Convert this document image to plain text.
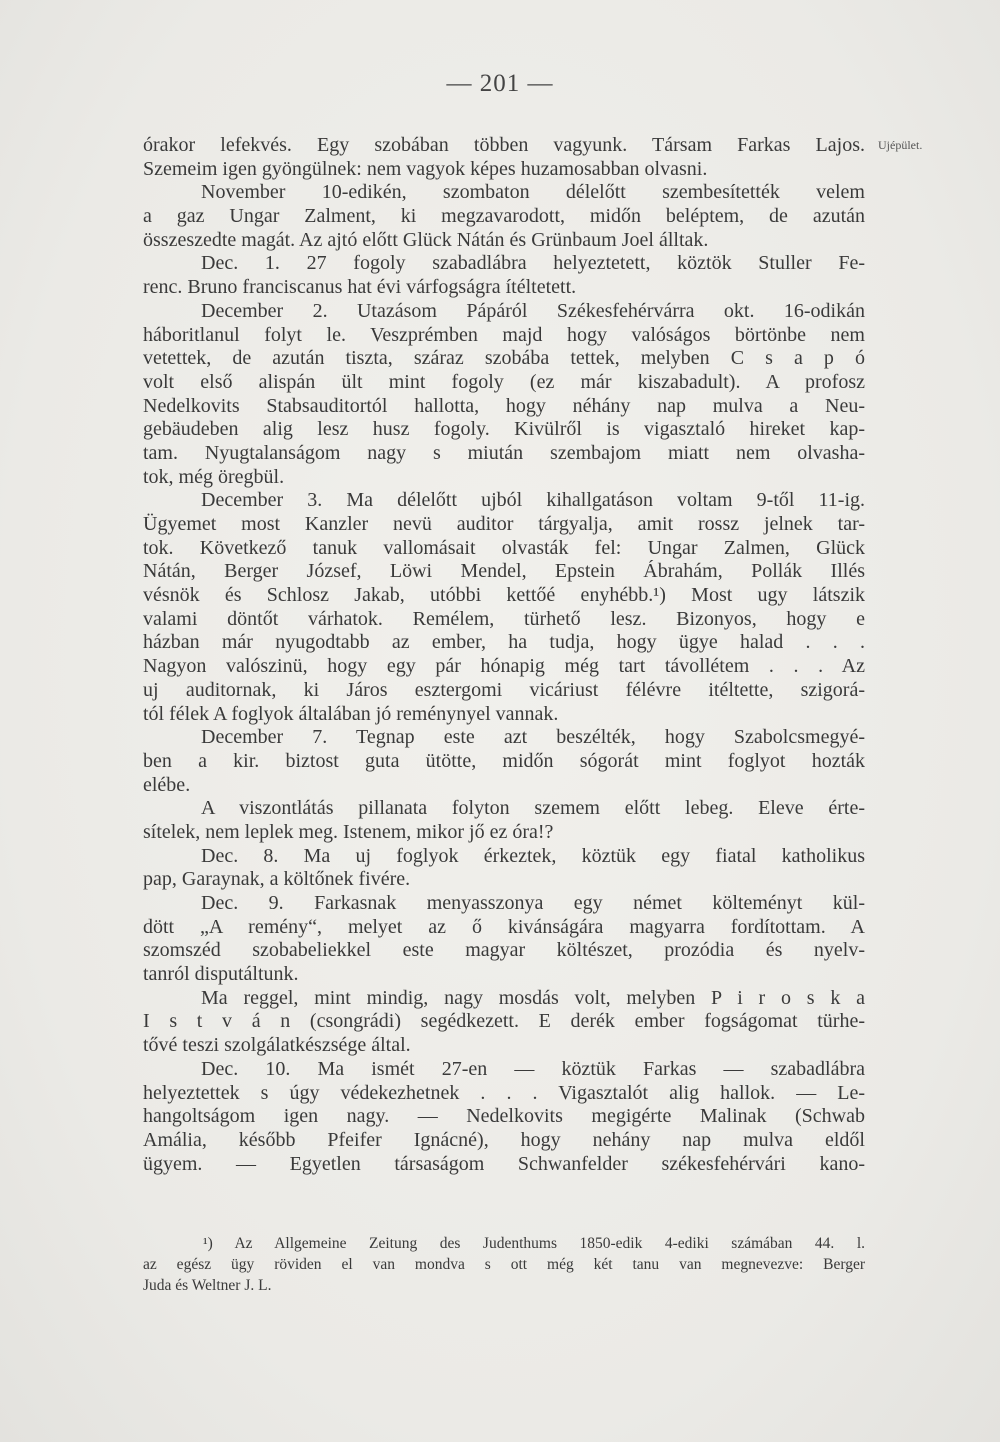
— 201 —
Ujépület.
órakor lefekvés. Egy szobában többen vagyunk. Társam Farkas Lajos.
Szemeim igen gyöngülnek: nem vagyok képes huzamosabban olvasni.
November 10-edikén, szombaton délelőtt szembesítették velem
a gaz Ungar Zalment, ki megzavarodott, midőn beléptem, de azután
összeszedte magát. Az ajtó előtt Glück Nátán és Grünbaum Joel álltak.
Dec. 1. 27 fogoly szabadlábra helyeztetett, köztök Stuller Fe-
renc. Bruno franciscanus hat évi várfogságra ítéltetett.
December 2. Utazásom Pápáról Székesfehérvárra okt. 16-odikán
háboritlanul folyt le. Veszprémben majd hogy valóságos börtönbe nem
vetettek, de azután tiszta, száraz szobába tettek, melyben C s a p ó
volt első alispán ült mint fogoly (ez már kiszabadult). A profosz
Nedelkovits Stabsauditortól hallotta, hogy néhány nap mulva a Neu-
gebäudeben alig lesz husz fogoly. Kivülről is vigasztaló hireket kap-
tam. Nyugtalanságom nagy s miután szembajom miatt nem olvasha-
tok, még öregbül.
December 3. Ma délelőtt ujból kihallgatáson voltam 9-től 11-ig.
Ügyemet most Kanzler nevü auditor tárgyalja, amit rossz jelnek tar-
tok. Következő tanuk vallomásait olvasták fel: Ungar Zalmen, Glück
Nátán, Berger József, Löwi Mendel, Epstein Ábrahám, Pollák Illés
vésnök és Schlosz Jakab, utóbbi kettőé enyhébb.¹) Most ugy látszik
valami döntőt várhatok. Remélem, türhető lesz. Bizonyos, hogy e
házban már nyugodtabb az ember, ha tudja, hogy ügye halad . . .
Nagyon valószinü, hogy egy pár hónapig még tart távollétem . . . Az
uj auditornak, ki Járos esztergomi vicáriust félévre itéltette, szigorá-
tól félek A foglyok általában jó reménynyel vannak.
December 7. Tegnap este azt beszélték, hogy Szabolcsmegyé-
ben a kir. biztost guta ütötte, midőn sógorát mint foglyot hozták
elébe.
A viszontlátás pillanata folyton szemem előtt lebeg. Eleve érte-
sítelek, nem leplek meg. Istenem, mikor jő ez óra!?
Dec. 8. Ma uj foglyok érkeztek, köztük egy fiatal katholikus
pap, Garaynak, a költőnek fivére.
Dec. 9. Farkasnak menyasszonya egy német költeményt kül-
dött „A remény“, melyet az ő kivánságára magyarra fordítottam. A
szomszéd szobabeliekkel este magyar költészet, prozódia és nyelv-
tanról disputáltunk.
Ma reggel, mint mindig, nagy mosdás volt, melyben P i r o s k a
I s t v á n (csongrádi) segédkezett. E derék ember fogságomat türhe-
tővé teszi szolgálatkészsége által.
Dec. 10. Ma ismét 27-en — köztük Farkas — szabadlábra
helyeztettek s úgy védekezhetnek . . . Vigasztalót alig hallok. — Le-
hangoltságom igen nagy. — Nedelkovits megigérte Malinak (Schwab
Amália, később Pfeifer Ignácné), hogy nehány nap mulva eldől
ügyem. — Egyetlen társaságom Schwanfelder székesfehérvári kano-
¹) Az Allgemeine Zeitung des Judenthums 1850-edik 4-ediki számában 44. l.
az egész ügy röviden el van mondva s ott még két tanu van megnevezve: Berger
Juda és Weltner J. L.
